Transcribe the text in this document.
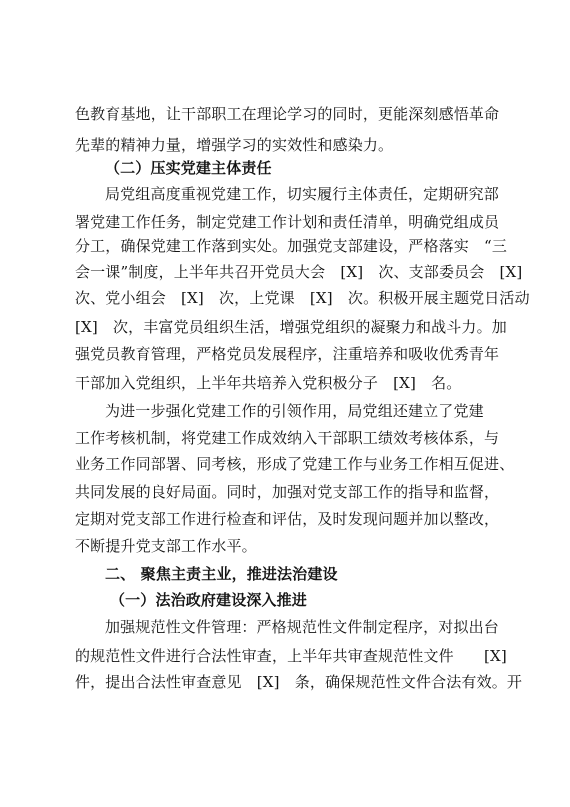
色教育基地，让干部职工在理论学习的同时，更能深刻感悟革命
先辈的精神力量，增强学习的实效性和感染力。
（二）压实党建主体责任
局党组高度重视党建工作，切实履行主体责任，定期研究部
署党建工作任务，制定党建工作计划和责任清单，明确党组成员
分工，确保党建工作落到实处。加强党支部建设，严格落实　“三
会一课”制度，上半年共召开党员大会　[X]　次、支部委员会　[X]
次、党小组会　[X]　次，上党课　[X]　次。积极开展主题党日活动
[X]　次，丰富党员组织生活，增强党组织的凝聚力和战斗力。加
强党员教育管理，严格党员发展程序，注重培养和吸收优秀青年
干部加入党组织，上半年共培养入党积极分子　[X]　名。
为进一步强化党建工作的引领作用，局党组还建立了党建
工作考核机制，将党建工作成效纳入干部职工绩效考核体系，与
业务工作同部署、同考核，形成了党建工作与业务工作相互促进、
共同发展的良好局面。同时，加强对党支部工作的指导和监督，
定期对党支部工作进行检查和评估，及时发现问题并加以整改，
不断提升党支部工作水平。
二、 聚焦主责主业，推进法治建设
（一）法治政府建设深入推进
加强规范性文件管理：严格规范性文件制定程序，对拟出台
的规范性文件进行合法性审查，上半年共审查规范性文件　　[X]
件，提出合法性审查意见　[X]　条，确保规范性文件合法有效。开
